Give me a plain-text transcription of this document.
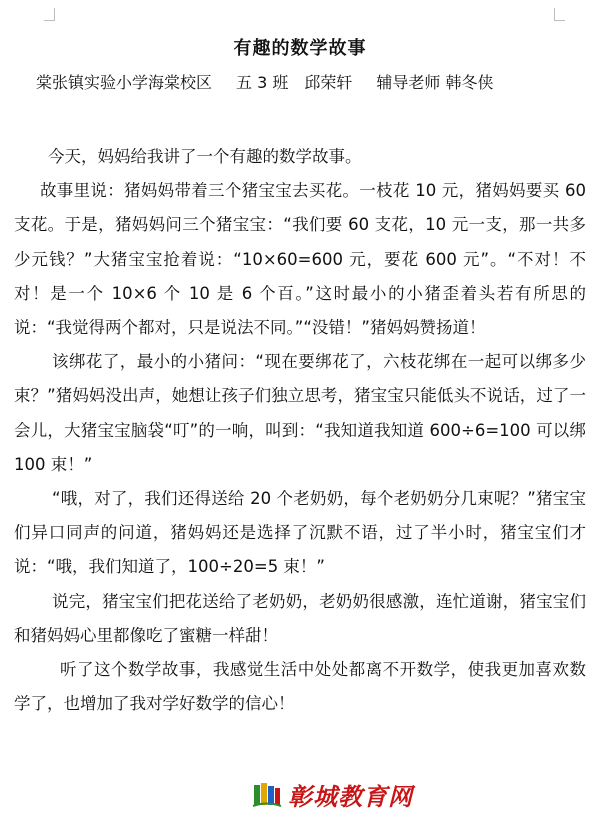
有趣的数学故事
棠张镇实验小学海棠校区   五 3 班  邱荣轩   辅导老师 韩冬侠

今天，妈妈给我讲了一个有趣的数学故事。

故事里说：猪妈妈带着三个猪宝宝去买花。一枝花 10 元，猪妈妈要买 60 支花。于是，猪妈妈问三个猪宝宝：“我们要 60 支花，10 元一支，那一共多少元钱？”大猪宝宝抢着说：“10×60=600 元，要花 600 元”。“不对！不对！是一个 10×6 个 10 是 6 个百。”这时最小的小猪歪着头若有所思的说：“我觉得两个都对，只是说法不同。”“没错！”猪妈妈赞扬道！

该绑花了，最小的小猪问：“现在要绑花了，六枝花绑在一起可以绑多少束？”猪妈妈没出声，她想让孩子们独立思考，猪宝宝只能低头不说话，过了一会儿，大猪宝宝脑袋“叮”的一响，叫到：“我知道我知道 600÷6=100 可以绑 100 束！”

“哦，对了，我们还得送给 20 个老奶奶，每个老奶奶分几束呢？”猪宝宝们异口同声的问道，猪妈妈还是选择了沉默不语，过了半小时，猪宝宝们才说：“哦，我们知道了，100÷20=5 束！”

说完，猪宝宝们把花送给了老奶奶，老奶奶很感激，连忙道谢，猪宝宝们和猪妈妈心里都像吃了蜜糖一样甜！

听了这个数学故事，我感觉生活中处处都离不开数学，使我更加喜欢数学了，也增加了我对学好数学的信心！

彰城教育网
